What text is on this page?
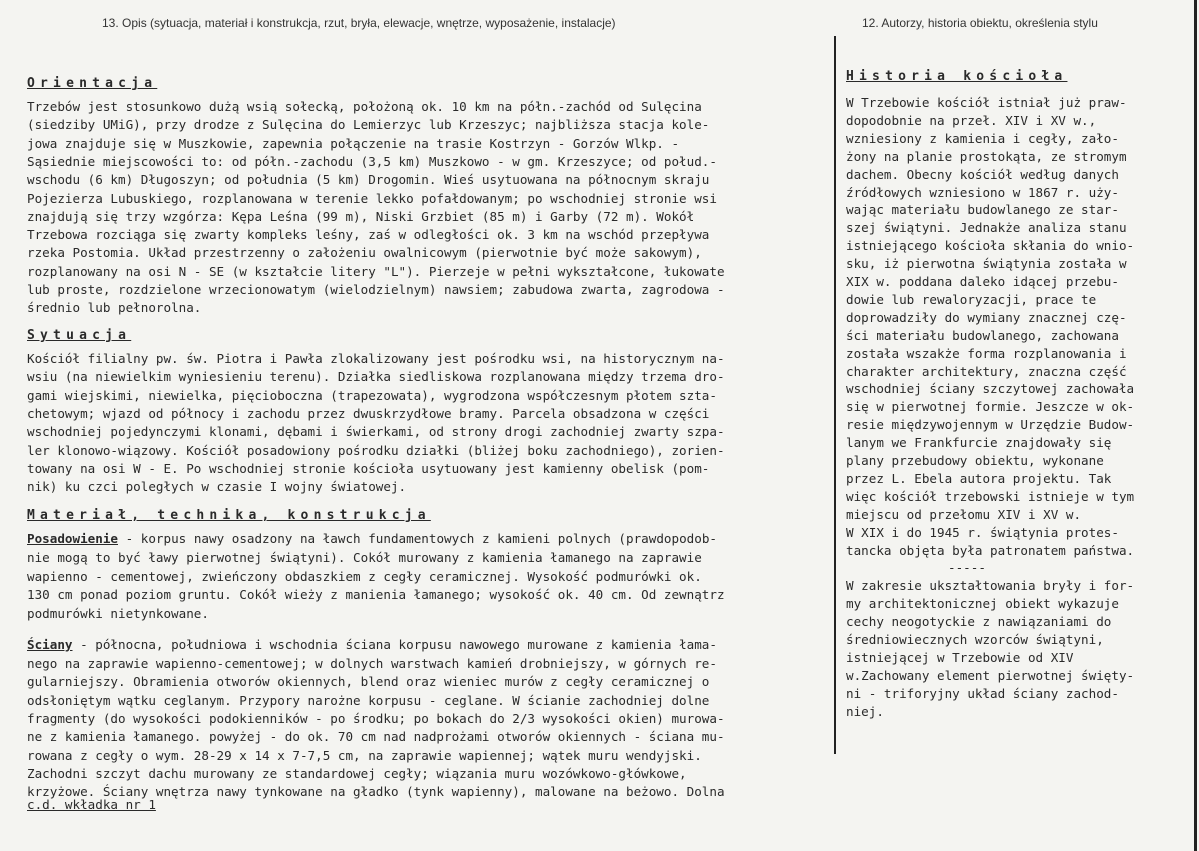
13. Opis (sytuacja, materiał i konstrukcja, rzut, bryła, elewacje, wnętrze, wyposażenie, instalacje)	12. Autorzy, historia obiektu, określenia stylu
Orientacja
Trzebów jest stosunkowo dużą wsią sołecką, położoną ok. 10 km na półn.-zachód od Sulęcina
(siedziby UMiG), przy drodze z Sulęcina do Lemierzyc lub Krzeszyc; najbliższa stacja kole-
jowa znajduje się w Muszkowie, zapewnia połączenie na trasie Kostrzyn - Gorzów Wlkp. -
Sąsiednie miejscowości to: od półn.-zachodu (3,5 km) Muszkowo - w gm. Krzeszyce; od połud.-
wschodu (6 km) Długoszyn; od południa (5 km) Drogomin. Wieś usytuowana na północnym skraju
Pojezierza Lubuskiego, rozplanowana w terenie lekko pofałdowanym; po wschodniej stronie wsi
znajdują się trzy wzgórza: Kępa Leśna (99 m), Niski Grzbiet (85 m) i Garby (72 m). Wokół
Trzebowa rozciąga się zwarty kompleks leśny, zaś w odległości ok. 3 km na wschód przepływa
rzeka Postomia. Układ przestrzenny o założeniu owalnicowym (pierwotnie być może sakowym),
rozplanowany na osi N - SE (w kształcie litery "L"). Pierzeje w pełni wykształcone, łukowate
lub proste, rozdzielone wrzecionowatym (wielodzielnym) nawsiem; zabudowa zwarta, zagrodowa -
średnio lub pełnorolna.
Sytuacja
Kościół filialny pw. św. Piotra i Pawła zlokalizowany jest pośrodku wsi, na historycznym na-
wsiu (na niewielkim wyniesieniu terenu). Działka siedliskowa rozplanowana między trzema dro-
gami wiejskimi, niewielka, pięcioboczna (trapezowata), wygrodzona współczesnym płotem szta-
chetowym; wjazd od północy i zachodu przez dwuskrzydłowe bramy. Parcela obsadzona w części
wschodniej pojedynczymi klonami, dębami i świerkami, od strony drogi zachodniej zwarty szpa-
ler klonowo-wiązowy. Kościół posadowiony pośrodku działki (bliżej boku zachodniego), zorien-
towany na osi W - E. Po wschodniej stronie kościoła usytuowany jest kamienny obelisk (pom-
nik) ku czci poległych w czasie I wojny światowej.
Materiał, technika, konstrukcja
Posadowienie - korpus nawy osadzony na ławch fundamentowych z kamieni polnych (prawdopodob-
nie mogą to być ławy pierwotnej świątyni). Cokół murowany z kamienia łamanego na zaprawie
wapienno - cementowej, zwieńczony obdaszkiem z cegły ceramicznej. Wysokość podmurówki ok.
130 cm ponad poziom gruntu. Cokół wieży z manienia łamanego; wysokość ok. 40 cm. Od zewnątrz
podmurówki nietynkowane.
Ściany - północna, południowa i wschodnia ściana korpusu nawowego murowane z kamienia łama-
nego na zaprawie wapienno-cementowej; w dolnych warstwach kamień drobniejszy, w górnych re-
gularniejszy. Obramienia otworów okiennych, blend oraz wieniec murów z cegły ceramicznej o
odsłoniętym wątku ceglanym. Przypory narożne korpusu - ceglane. W ścianie zachodniej dolne
fragmenty (do wysokości podokienników - po środku; po bokach do 2/3 wysokości okien) murowa-
ne z kamienia łamanego. powyżej - do ok. 70 cm nad nadprożami otworów okiennych - ściana mu-
rowana z cegły o wym. 28-29 x 14 x 7-7,5 cm, na zaprawie wapiennej; wątek muru wendyjski.
Zachodni szczyt dachu murowany ze standardowej cegły; wiązania muru wozówkowo-główkowe,
krzyżowe. Ściany wnętrza nawy tynkowane na gładko (tynk wapienny), malowane na beżowo. Dolna
c.d. wkładka nr 1
Historia kościoła
W Trzebowie kościół istniał już praw-
dopodobnie na przeł. XIV i XV w.,
wzniesiony z kamienia i cegły, zało-
żony na planie prostokąta, ze stromym
dachem. Obecny kościół według danych
źródłowych wzniesiono w 1867 r. uży-
wając materiału budowlanego ze star-
szej świątyni. Jednakże analiza stanu
istniejącego kościoła skłania do wnio-
sku, iż pierwotna świątynia została w
XIX w. poddana daleko idącej przebu-
dowie lub rewaloryzacji, prace te
doprowadziły do wymiany znacznej czę-
ści materiału budowlanego, zachowana
została wszakże forma rozplanowania i
charakter architektury, znaczna część
wschodniej ściany szczytowej zachowała
się w pierwotnej formie. Jeszcze w ok-
resie międzywojennym w Urzędzie Budow-
lanym we Frankfurcie znajdowały się
plany przebudowy obiektu, wykonane
przez L. Ebela autora projektu. Tak
więc kościół trzebowski istnieje w tym
miejscu od przełomu XIV i XV w.
W XIX i do 1945 r. świątynia protes-
tancka objęta była patronatem państwa.
-----
W zakresie ukształtowania bryły i for-
my architektonicznej obiekt wykazuje
cechy neogotyckie z nawiązaniami do
średniowiecznych wzorców świątyni,
istniejącej w Trzebowie od XIV
w.Zachowany element pierwotnej święty-
ni - triforyjny układ ściany zachod-
niej.
